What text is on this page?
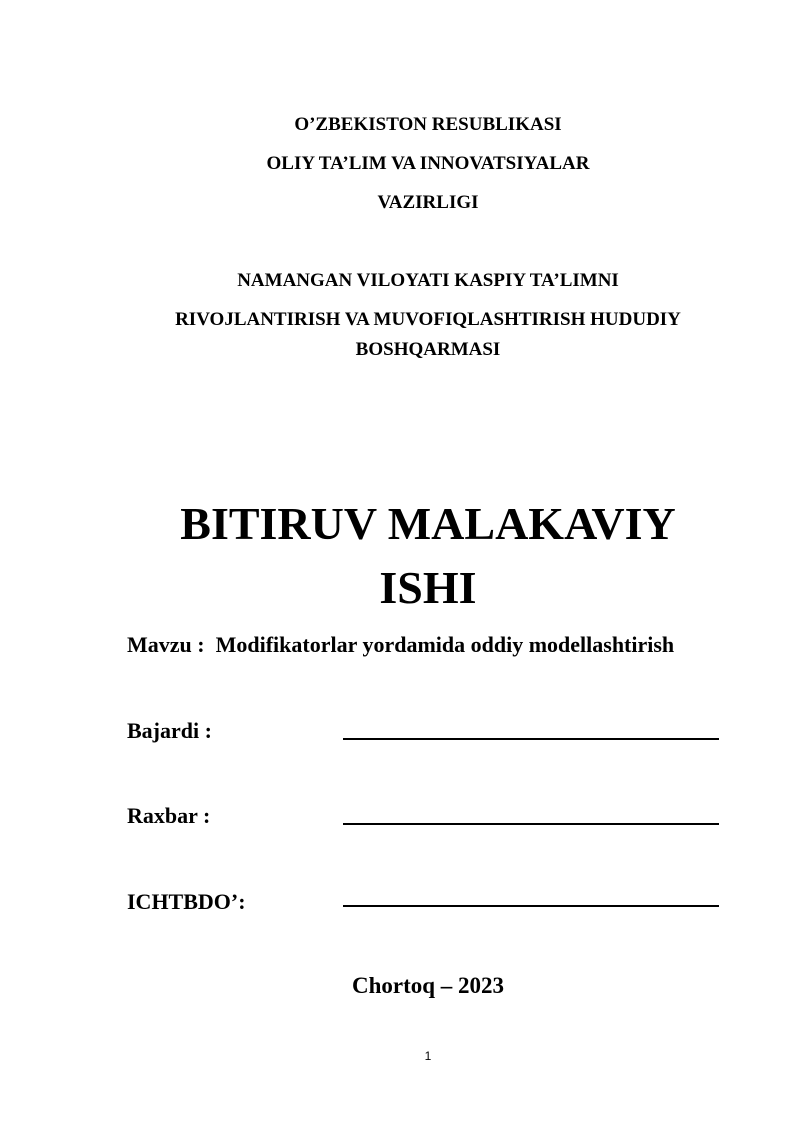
O’ZBEKISTON RESUBLIKASI
OLIY TA’LIM VA INNOVATSIYALAR
VAZIRLIGI
NAMANGAN VILOYATI KASPIY TA’LIMNI
RIVOJLANTIRISH VA MUVOFIQLASHTIRISH HUDUDIY
BOSHQARMASI
BITIRUV MALAKAVIY
ISHI
Mavzu : Modifikatorlar yordamida oddiy modellashtirish
Bajardi :
Raxbar :
ICHTBDO’:
Chortoq – 2023
1
